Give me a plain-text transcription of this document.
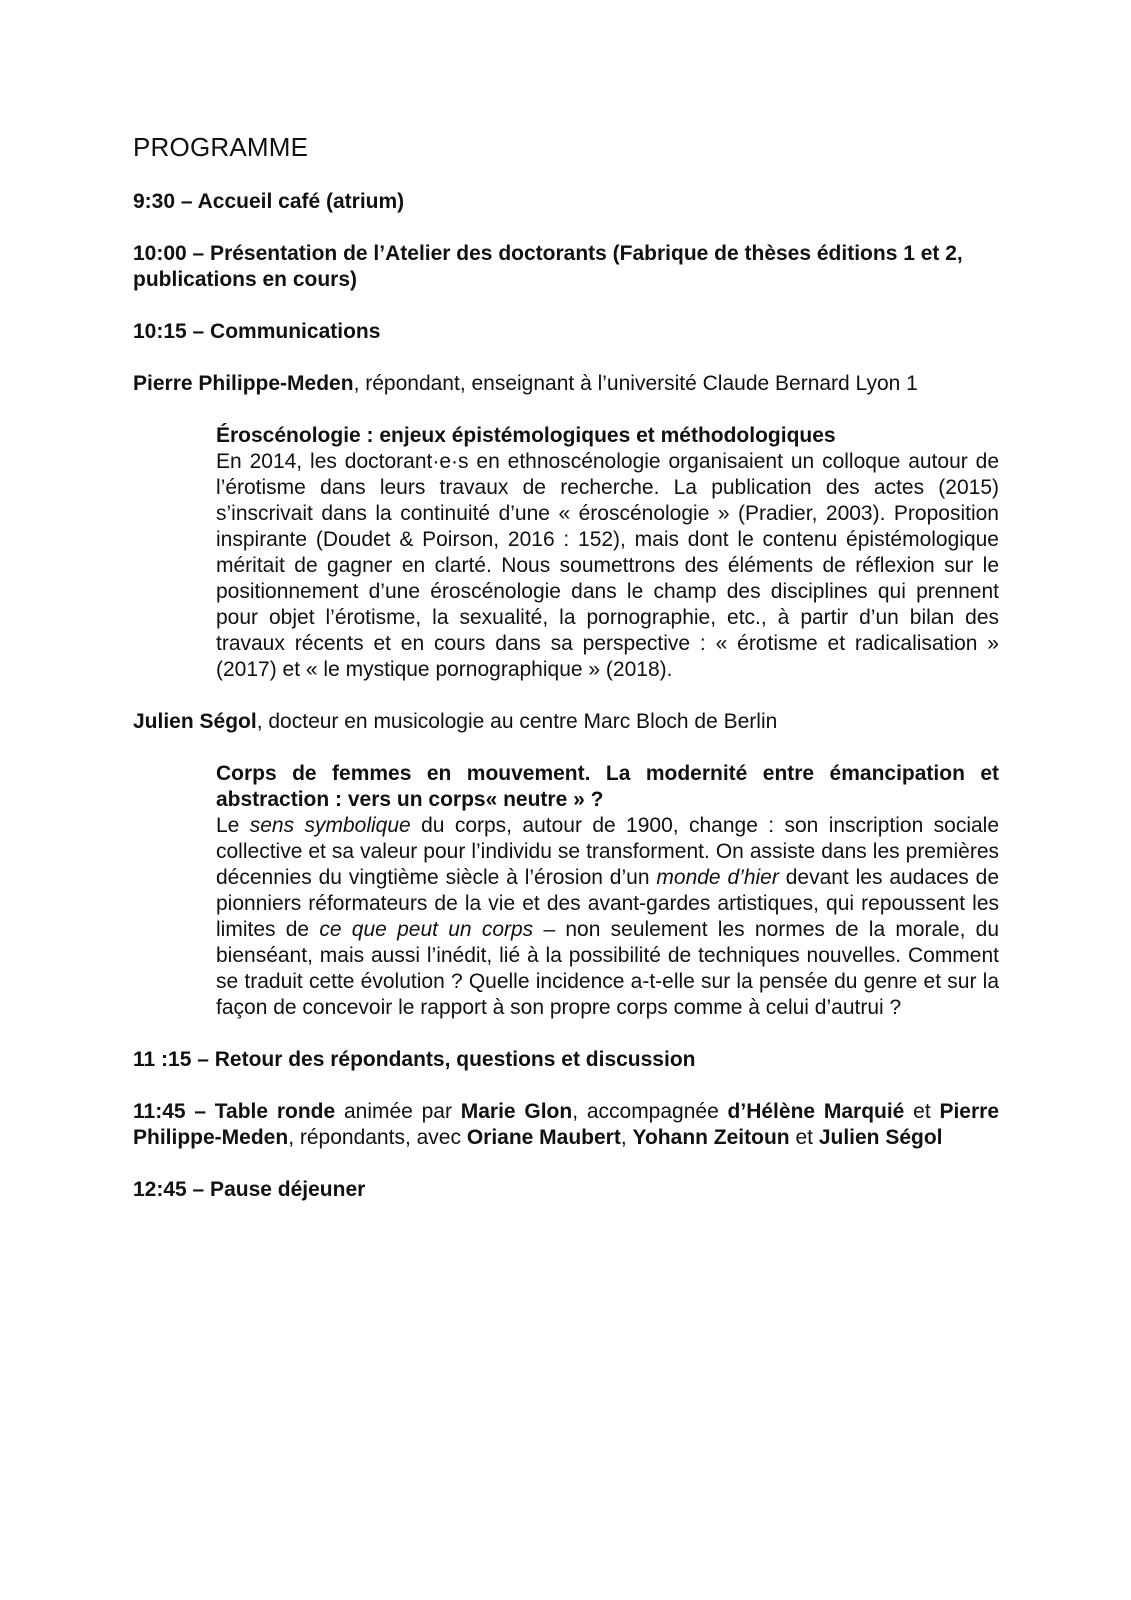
PROGRAMME
9:30 – Accueil café (atrium)
10:00 – Présentation de l’Atelier des doctorants (Fabrique de thèses éditions 1 et 2, publications en cours)
10:15 – Communications
Pierre Philippe-Meden, répondant, enseignant à l’université Claude Bernard Lyon 1
Éroscénologie : enjeux épistémologiques et méthodologiques
En 2014, les doctorant·e·s en ethnoscénologie organisaient un colloque autour de l’érotisme dans leurs travaux de recherche. La publication des actes (2015) s’inscrivait dans la continuité d’une « éroscénologie » (Pradier, 2003). Proposition inspirante (Doudet & Poirson, 2016 : 152), mais dont le contenu épistémologique méritait de gagner en clarté. Nous soumettrons des éléments de réflexion sur le positionnement d’une éroscénologie dans le champ des disciplines qui prennent pour objet l’érotisme, la sexualité, la pornographie, etc., à partir d’un bilan des travaux récents et en cours dans sa perspective : « érotisme et radicalisation » (2017) et « le mystique pornographique » (2018).
Julien Ségol, docteur en musicologie au centre Marc Bloch de Berlin
Corps de femmes en mouvement. La modernité entre émancipation et abstraction : vers un corps« neutre » ?
Le sens symbolique du corps, autour de 1900, change : son inscription sociale collective et sa valeur pour l’individu se transforment. On assiste dans les premières décennies du vingtième siècle à l’érosion d’un monde d’hier devant les audaces de pionniers réformateurs de la vie et des avant-gardes artistiques, qui repoussent les limites de ce que peut un corps – non seulement les normes de la morale, du bienséant, mais aussi l’inédit, lié à la possibilité de techniques nouvelles. Comment se traduit cette évolution ? Quelle incidence a-t-elle sur la pensée du genre et sur la façon de concevoir le rapport à son propre corps comme à celui d’autrui ?
11 :15 – Retour des répondants, questions et discussion
11:45 – Table ronde animée par Marie Glon, accompagnée d’Hélène Marquié et Pierre Philippe-Meden, répondants, avec Oriane Maubert, Yohann Zeitoun et Julien Ségol
12:45 – Pause déjeuner
